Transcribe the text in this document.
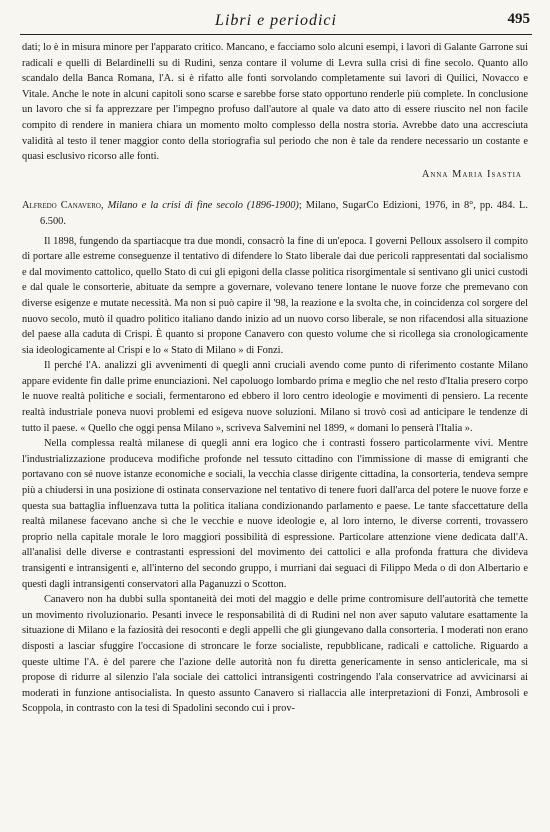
Libri e periodici	495

dati; lo è in misura minore per l'apparato critico. Mancano, e facciamo solo alcuni esempi, i lavori di Galante Garrone sui radicali e quelli di Belardinelli su di Rudinì, senza contare il volume di Levra sulla crisi di fine secolo. Quanto allo scandalo della Banca Romana, l'A. si è rifatto alle fonti sorvolando completamente sui lavori di Quilici, Novacco e Vitale. Anche le note in alcuni capitoli sono scarse e sarebbe forse stato opportuno renderle più complete. In conclusione un lavoro che si fa apprezzare per l'impegno profuso dall'autore al quale va dato atto di essere riuscito nel non facile compito di rendere in maniera chiara un momento molto complesso della nostra storia. Avrebbe dato una accresciuta validità al testo il tener maggior conto della storiografia sul periodo che non è tale da rendere necessario un costante e quasi esclusivo ricorso alle fonti.

Anna Maria Isastia

Alfredo Canavero, Milano e la crisi di fine secolo (1896-1900); Milano, SugarCo Edizioni, 1976, in 8°, pp. 484. L. 6.500.

Il 1898, fungendo da spartiacque tra due mondi, consacrò la fine di un'epoca. I governi Pelloux assolsero il compito di portare alle estreme conseguenze il tentativo di difendere lo Stato liberale dai due pericoli rappresentati dal socialismo e dal movimento cattolico, quello Stato di cui gli epigoni della classe politica risorgimentale si sentivano gli unici custodi e dal quale le consorterie, abituate da sempre a governare, volevano tenere lontane le nuove forze che premevano con diverse esigenze e mutate necessità. Ma non si può capire il '98, la reazione e la svolta che, in coincidenza col sorgere del nuovo secolo, mutò il quadro politico italiano dando inizio ad un nuovo corso liberale, se non rifacendosi alla situazione del paese alla caduta di Crispi. È quanto si propone Canavero con questo volume che si ricollega sia cronologicamente sia ideologicamente al Crispi e lo « Stato di Milano » di Fonzi.

Il perché l'A. analizzi gli avvenimenti di quegli anni cruciali avendo come punto di riferimento costante Milano appare evidente fin dalle prime enunciazioni. Nel capoluogo lombardo prima e meglio che nel resto d'Italia presero corpo le nuove realtà politiche e sociali, fermentarono ed ebbero il loro centro ideologie e movimenti di pensiero. La recente realtà industriale poneva nuovi problemi ed esigeva nuove soluzioni. Milano si trovò così ad anticipare le tendenze di tutto il paese. « Quello che oggi pensa Milano », scriveva Salvemini nel 1899, « domani lo penserà l'Italia ».

Nella complessa realtà milanese di quegli anni era logico che i contrasti fossero particolarmente vivi. Mentre l'industrializzazione produceva modifiche profonde nel tessuto cittadino con l'immissione di masse di emigranti che portavano con sé nuove istanze economiche e sociali, la vecchia classe dirigente cittadina, la consorteria, tendeva sempre più a chiudersi in una posizione di ostinata conservazione nel tentativo di tenere fuori dall'arca del potere le nuove forze e questa sua battaglia influenzava tutta la politica italiana condizionando parlamento e paese. Le tante sfaccettature della realtà milanese facevano anche sì che le vecchie e nuove ideologie e, al loro interno, le diverse correnti, trovassero proprio nella capitale morale le loro maggiori possibilità di espressione. Particolare attenzione viene dedicata dall'A. all'analisi delle diverse e contrastanti espressioni del movimento dei cattolici e alla profonda frattura che divideva transigenti e intransigenti e, all'interno del secondo gruppo, i murriani dai seguaci di Filippo Meda o di don Albertario e questi dagli intransigenti conservatori alla Paganuzzi o Scotton.

Canavero non ha dubbi sulla spontaneità dei moti del maggio e delle prime contromisure dell'autorità che temette un movimento rivoluzionario. Pesanti invece le responsabilità di di Rudinì nel non aver saputo valutare esattamente la situazione di Milano e la faziosità dei resoconti e degli appelli che gli giungevano dalla consorteria. I moderati non erano disposti a lasciar sfuggire l'occasione di stroncare le forze socialiste, repubblicane, radicali e cattoliche. Riguardo a queste ultime l'A. è del parere che l'azione delle autorità non fu diretta genericamente in senso anticlericale, ma si propose di ridurre al silenzio l'ala sociale dei cattolici intransigenti costringendo l'ala conservatrice ad avvicinarsi ai moderati in funzione antisocialista. In questo assunto Canavero si riallaccia alle interpretazioni di Fonzi, Ambrosoli e Scoppola, in contrasto con la tesi di Spadolini secondo cui i prov-
